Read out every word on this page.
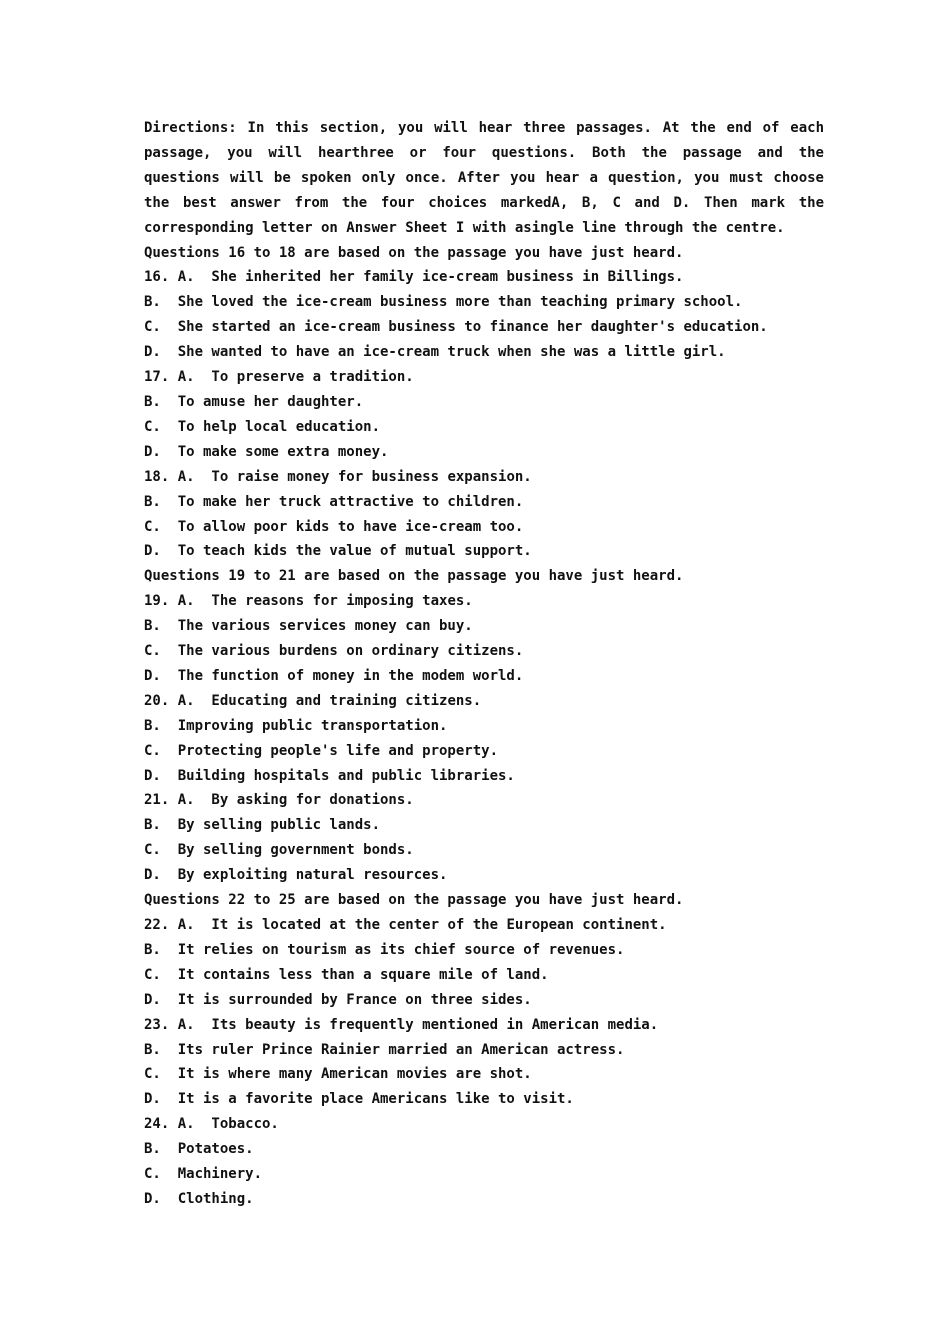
Directions: In this section, you will hear three passages. At the end of each passage, you will hearthree or four questions. Both the passage and the questions will be spoken only once. After you hear a question, you must choose the best answer from the four choices markedA, B, C and D. Then mark the corresponding letter on Answer Sheet I with asingle line through the centre.

Questions 16 to 18 are based on the passage you have just heard.

16. A.  She inherited her family ice-cream business in Billings.

B.  She loved the ice-cream business more than teaching primary school.

C.  She started an ice-cream business to finance her daughter's education.

D.  She wanted to have an ice-cream truck when she was a little girl.

17. A.  To preserve a tradition.

B.  To amuse her daughter.

C.  To help local education.

D.  To make some extra money.

18. A.  To raise money for business expansion.

B.  To make her truck attractive to children.

C.  To allow poor kids to have ice-cream too.

D.  To teach kids the value of mutual support.

Questions 19 to 21 are based on the passage you have just heard.

19. A.  The reasons for imposing taxes.

B.  The various services money can buy.

C.  The various burdens on ordinary citizens.

D.  The function of money in the modem world.

20. A.  Educating and training citizens.

B.  Improving public transportation.

C.  Protecting people's life and property.

D.  Building hospitals and public libraries.

21. A.  By asking for donations.

B.  By selling public lands.

C.  By selling government bonds.

D.  By exploiting natural resources.

Questions 22 to 25 are based on the passage you have just heard.

22. A.  It is located at the center of the European continent.

B.  It relies on tourism as its chief source of revenues.

C.  It contains less than a square mile of land.

D.  It is surrounded by France on three sides.

23. A.  Its beauty is frequently mentioned in American media.

B.  Its ruler Prince Rainier married an American actress.

C.  It is where many American movies are shot.

D.  It is a favorite place Americans like to visit.

24. A.  Tobacco.

B.  Potatoes.

C.  Machinery.

D.  Clothing.
